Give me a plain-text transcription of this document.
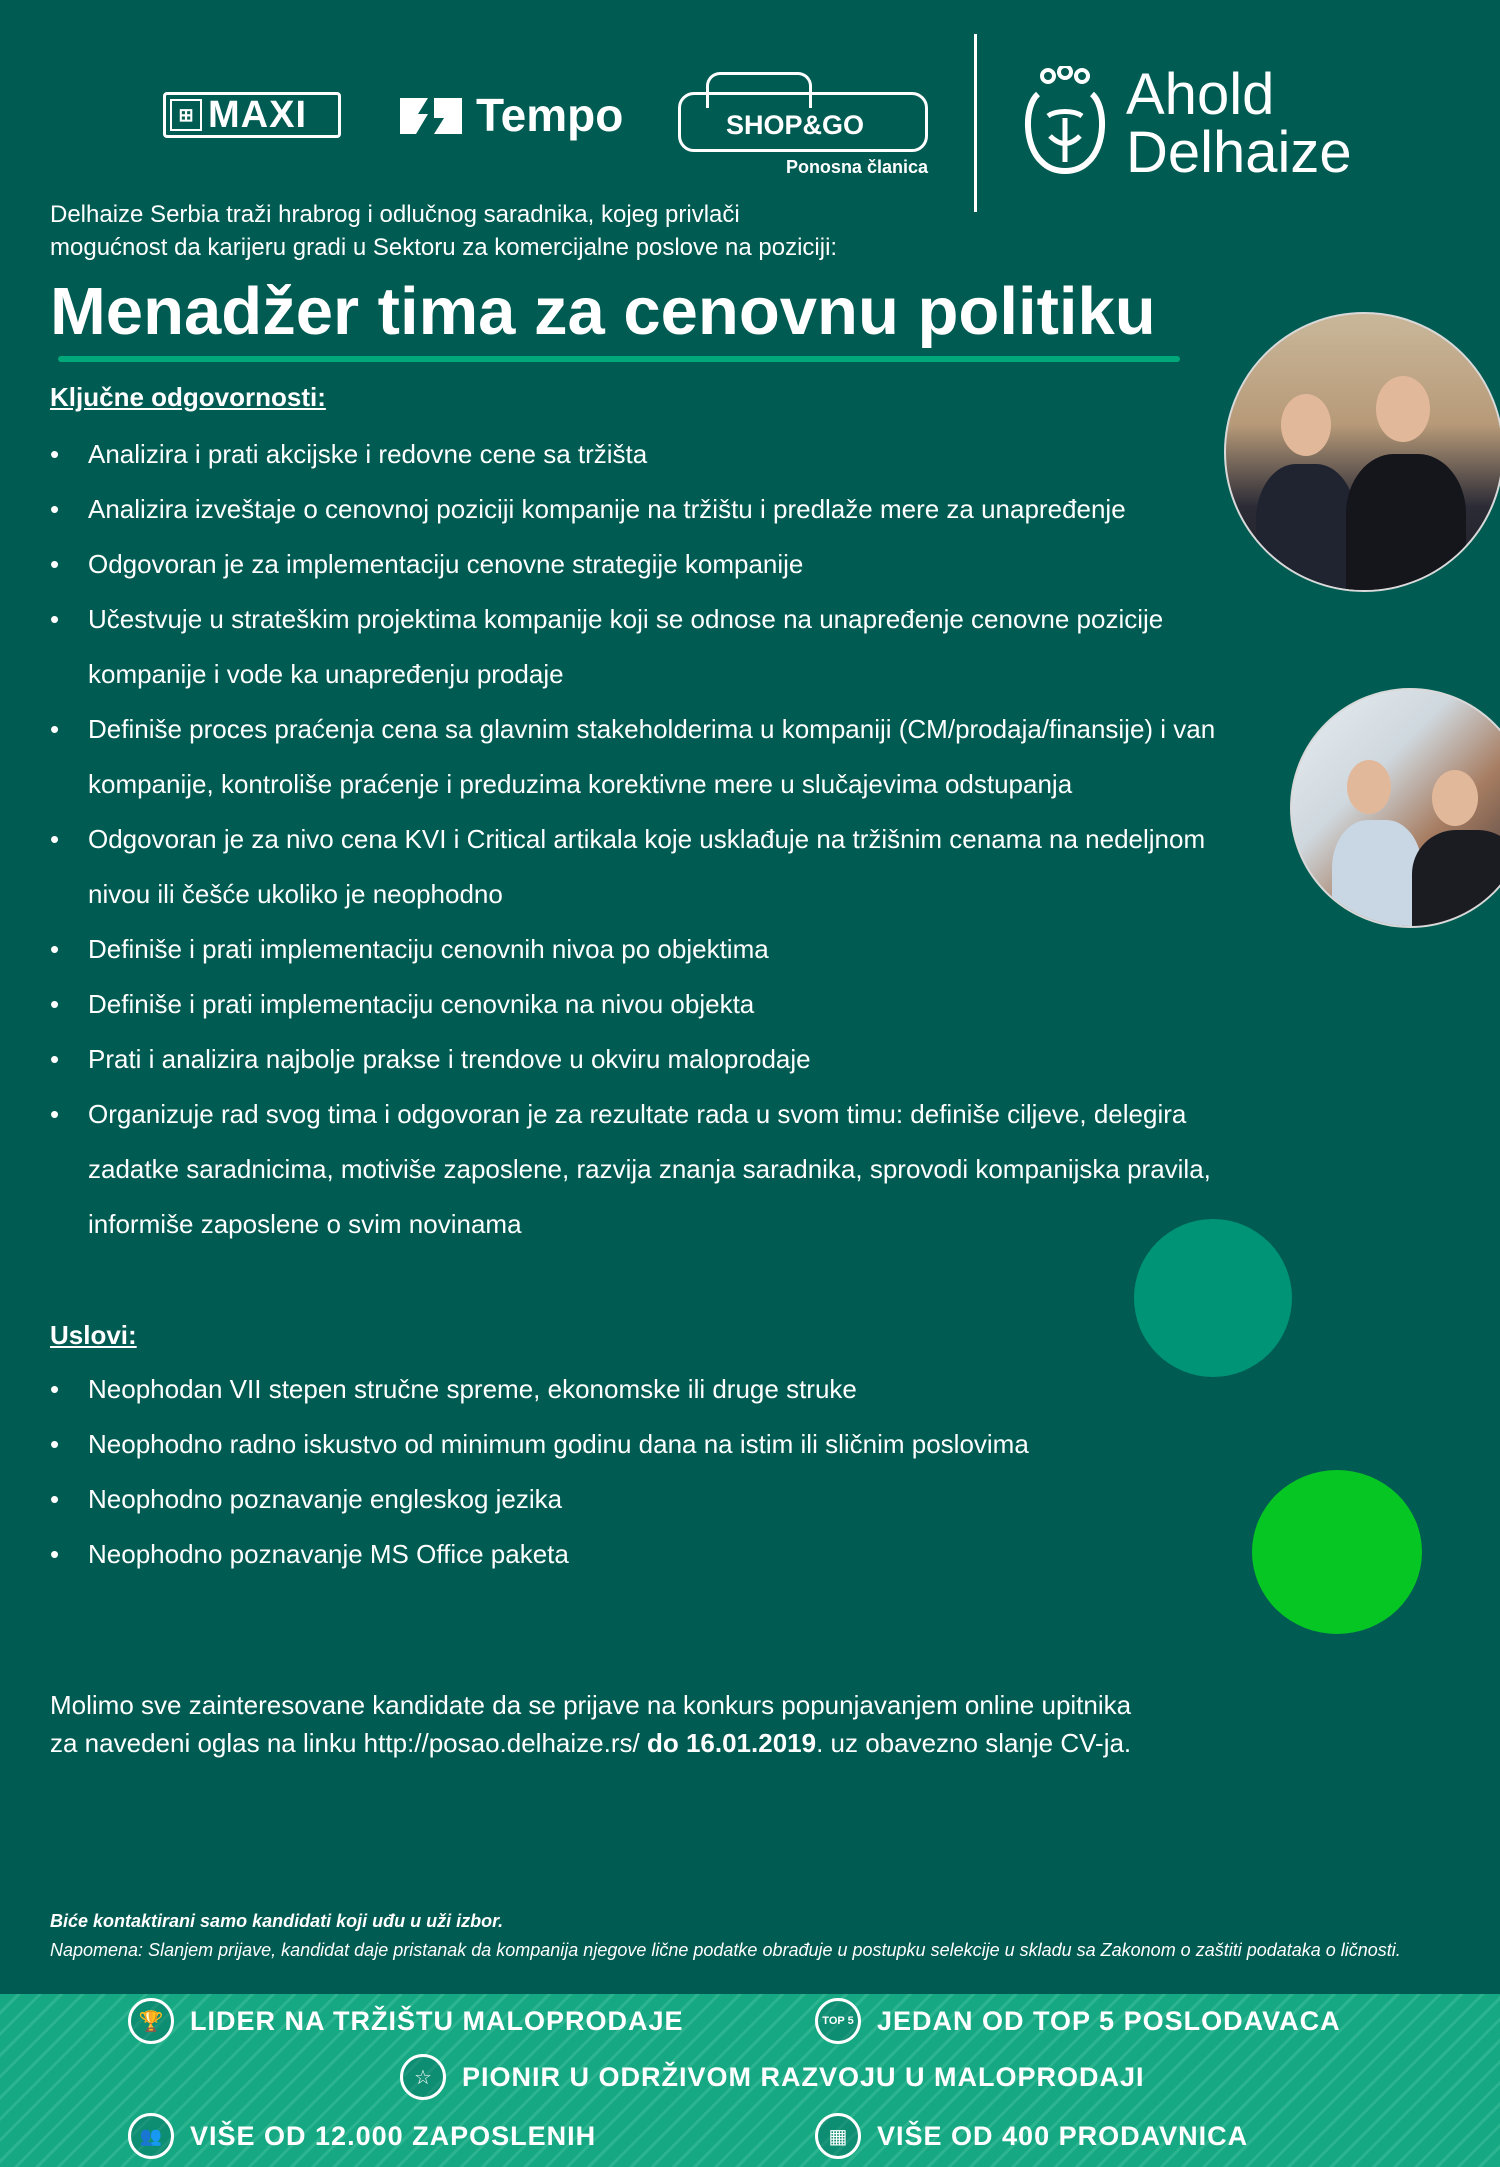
⊞ MAXI	Tempo	SHOP&GO
Ponosna članica
Ahold
Delhaize
Delhaize Serbia traži hrabrog i odlučnog saradnika, kojeg privlači
mogućnost da karijeru gradi u Sektoru za komercijalne poslove na poziciji:
Menadžer tima za cenovnu politiku
Ključne odgovornosti:
• Analizira i prati akcijske i redovne cene sa tržišta
• Analizira izveštaje o cenovnoj poziciji kompanije na tržištu i predlaže mere za unapređenje
• Odgovoran je za implementaciju cenovne strategije kompanije
• Učestvuje u strateškim projektima kompanije koji se odnose na unapređenje cenovne pozicije kompanije i vode ka unapređenju prodaje
• Definiše proces praćenja cena sa glavnim stakeholderima u kompaniji (CM/prodaja/finansije) i van kompanije, kontroliše praćenje i preduzima korektivne mere u slučajevima odstupanja
• Odgovoran je za nivo cena KVI i Critical artikala koje usklađuje na tržišnim cenama na nedeljnom nivou ili češće ukoliko je neophodno
• Definiše i prati implementaciju cenovnih nivoa po objektima
• Definiše i prati implementaciju cenovnika na nivou objekta
• Prati i analizira najbolje prakse i trendove u okviru maloprodaje
• Organizuje rad svog tima i odgovoran je za rezultate rada u svom timu: definiše ciljeve, delegira zadatke saradnicima, motiviše zaposlene, razvija znanja saradnika, sprovodi kompanijska pravila, informiše zaposlene o svim novinama
Uslovi:
• Neophodan VII stepen stručne spreme, ekonomske ili druge struke
• Neophodno radno iskustvo od minimum godinu dana na istim ili sličnim poslovima
• Neophodno poznavanje engleskog jezika
• Neophodno poznavanje MS Office paketa
Molimo sve zainteresovane kandidate da se prijave na konkurs popunjavanjem online upitnika
za navedeni oglas na linku http://posao.delhaize.rs/ do 16.01.2019. uz obavezno slanje CV-ja.
Biće kontaktirani samo kandidati koji uđu u uži izbor.
Napomena: Slanjem prijave, kandidat daje pristanak da kompanija njegove lične podatke obrađuje u postupku selekcije u skladu sa Zakonom o zaštiti podataka o ličnosti.
🏆 LIDER NA TRŽIŠTU MALOPRODAJE	TOP 5 JEDAN OD TOP 5 POSLODAVACA
☆	PIONIR U ODRŽIVOM RAZVOJU U MALOPRODAJI
👥	VIŠE OD 12.000 ZAPOSLENIH	▦	VIŠE OD 400 PRODAVNICA
